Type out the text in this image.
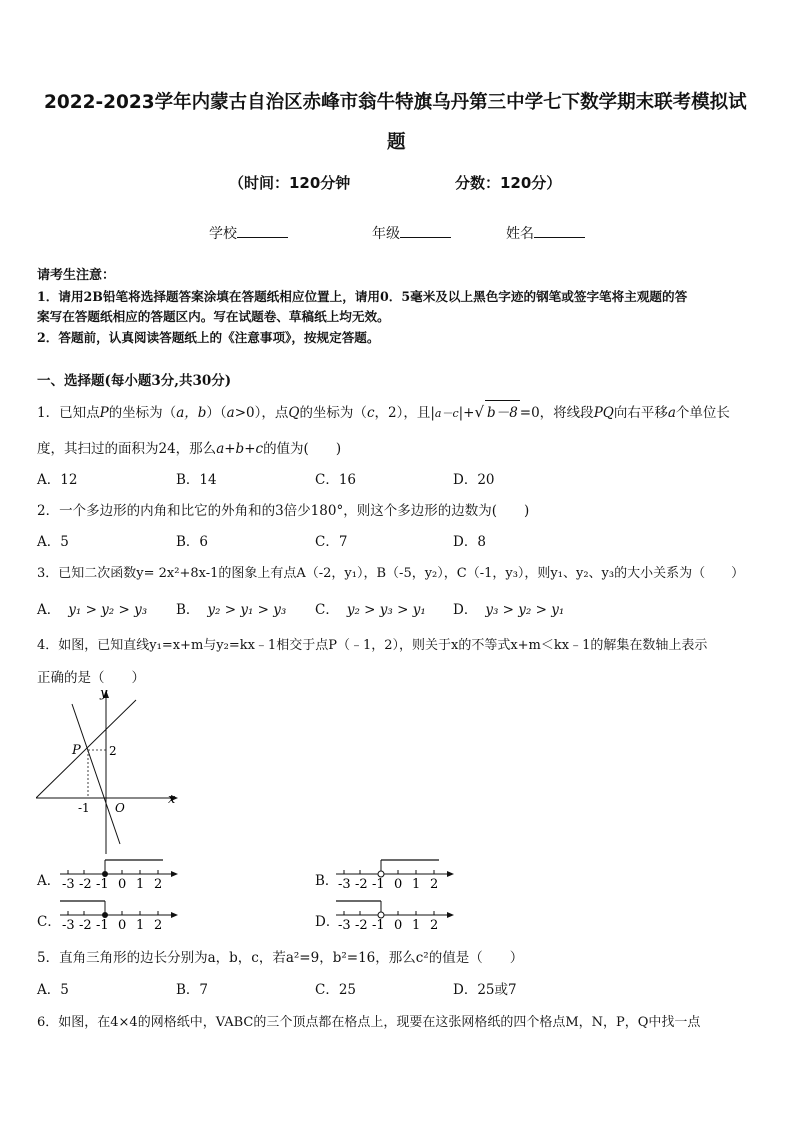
2022-2023学年内蒙古自治区赤峰市翁牛特旗乌丹第三中学七下数学期末联考模拟试
题
（时间：120分钟	分数：120分）
学校	年级	姓名
请考生注意：
1．请用2B铅笔将选择题答案涂填在答题纸相应位置上，请用0．5毫米及以上黑色字迹的钢笔或签字笔将主观题的答
案写在答题纸相应的答题区内。写在试题卷、草稿纸上均无效。
2．答题前，认真阅读答题纸上的《注意事项》，按规定答题。
一、选择题(每小题3分,共30分)
1．已知点P的坐标为（a，b）（a>0），点Q的坐标为（c，2），且|a－c|+√ b－8 =0，将线段PQ向右平移a个单位长
度，其扫过的面积为24，那么a+b+c的值为(　　)
A．12	B．14	C．16	D．20
2．一个多边形的内角和比它的外角和的3倍少180°，则这个多边形的边数为(　　)
A．5	B．6	C．7	D．8
3．已知二次函数y= 2x²+8x-1的图象上有点A（-2，y₁），B（-5，y₂），C（-1，y₃），则y₁、y₂、y₃的大小关系为（　　）
A． y₁ > y₂ > y₃ B． y₂ > y₁ > y₃ C． y₂ > y₃ > y₁ D． y₃ > y₂ > y₁
4．如图，已知直线y₁=x+m与y₂=kx﹣1相交于点P（﹣1，2），则关于x的不等式x+m＜kx﹣1的解集在数轴上表示
正确的是（　　）
y
x
O
P 2
-1
A．	B．
C．	D．
-3 -2 -1 0 1 2	-3 -2 -1 0 1 2
-3 -2 -1 0 1 2	-3 -2 -1 0 1 2
5．直角三角形的边长分别为a，b，c，若a²=9，b²=16，那么c²的值是（　　）
A．5	B．7	C．25	D．25或7
6．如图，在4×4的网格纸中，VABC的三个顶点都在格点上，现要在这张网格纸的四个格点M，N，P，Q中找一点
